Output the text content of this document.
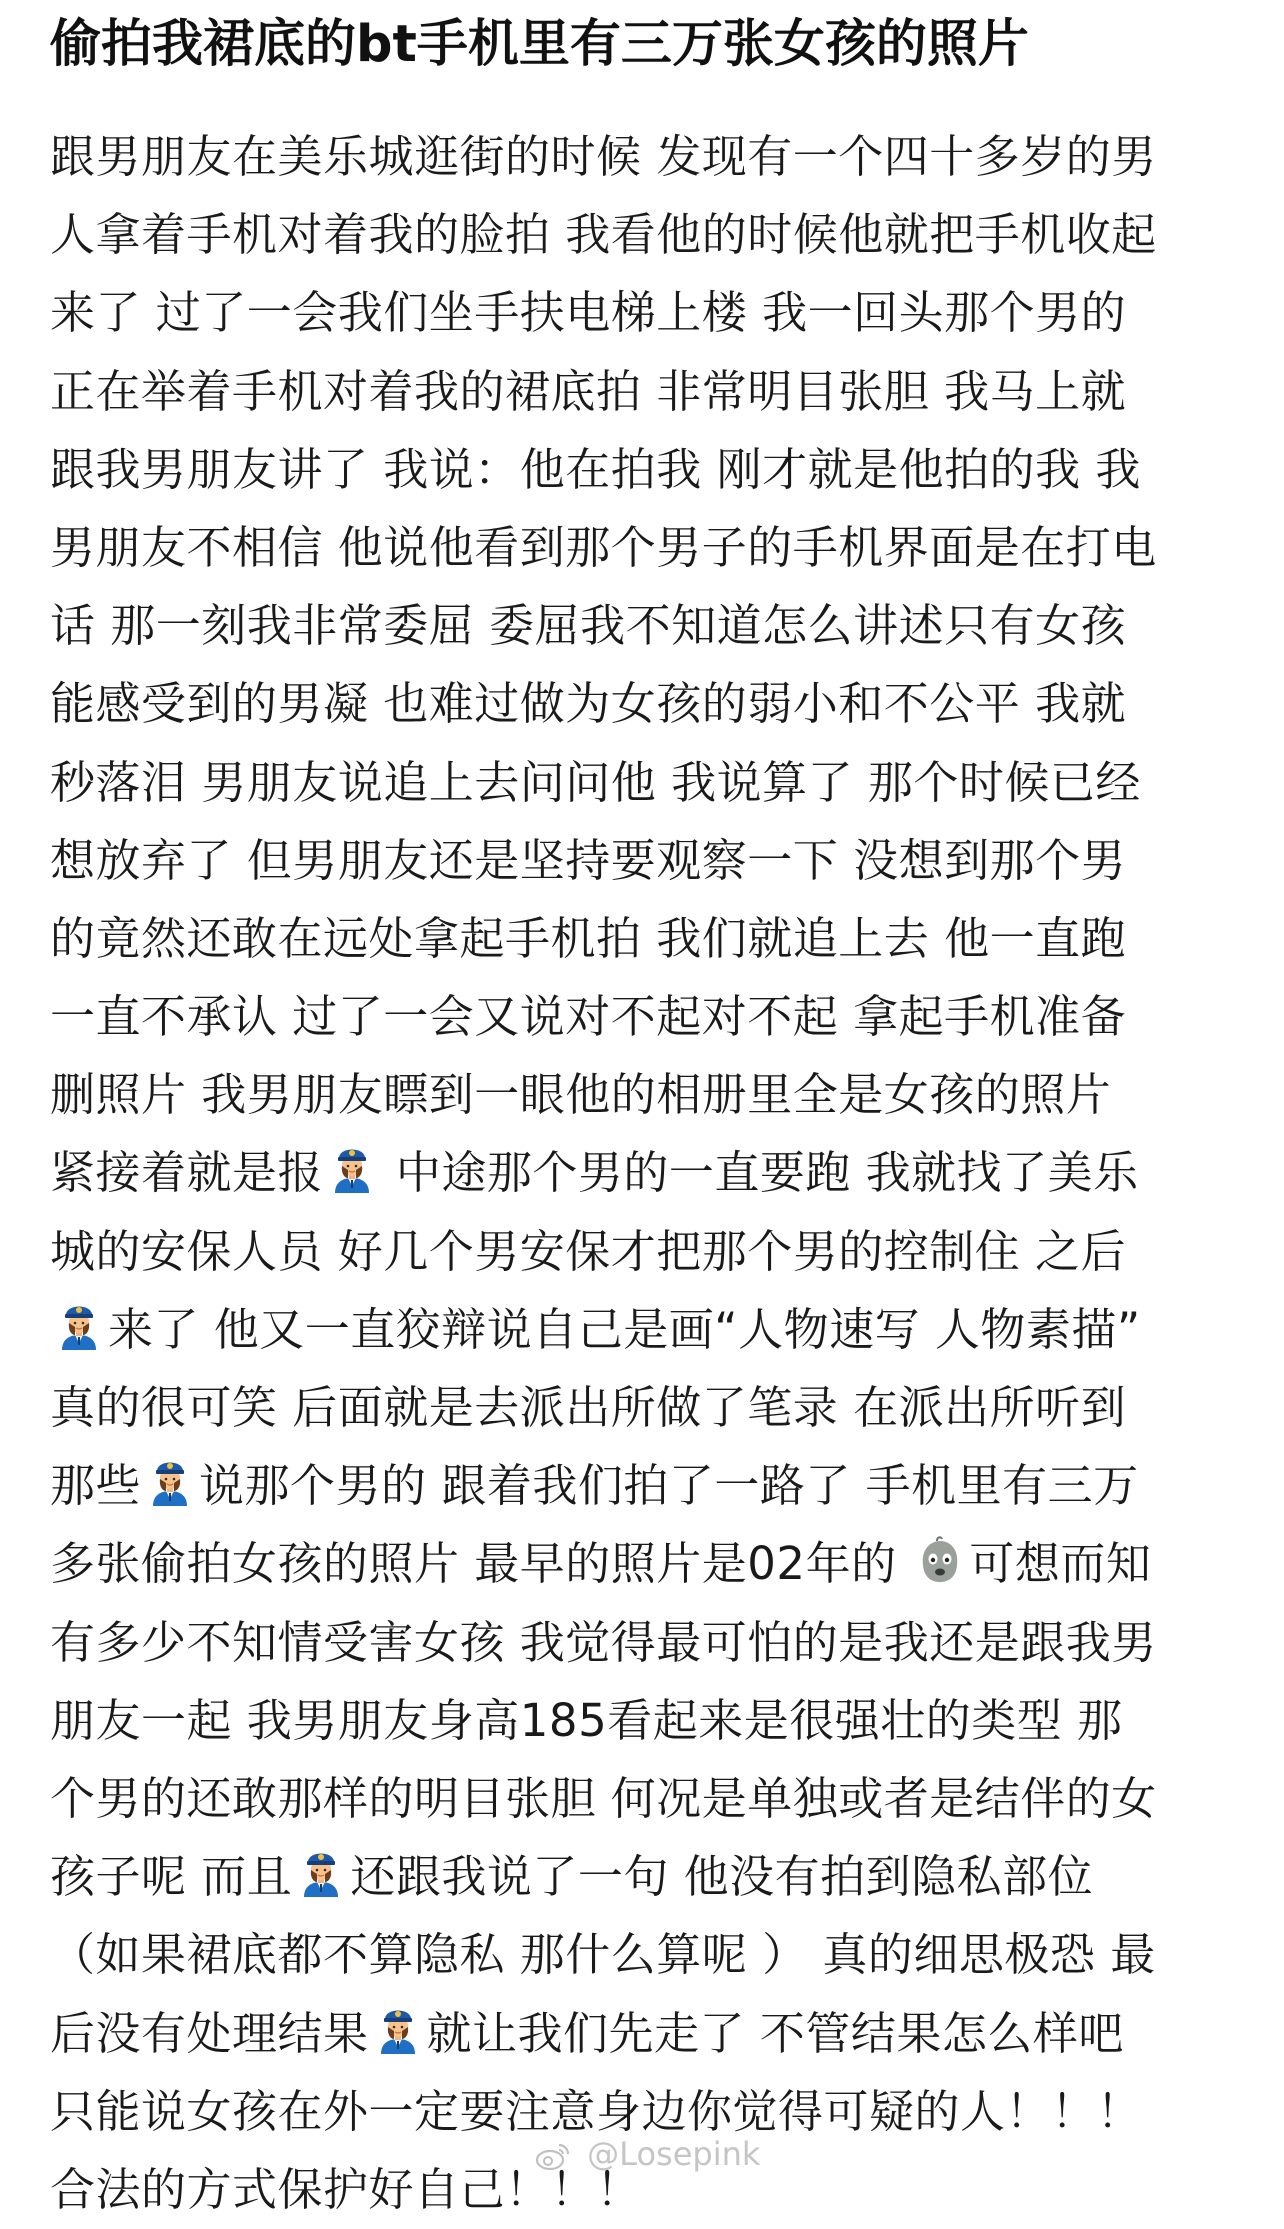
偷拍我裙底的bt手机里有三万张女孩的照片
跟男朋友在美乐城逛街的时候 发现有一个四十多岁的男
人拿着手机对着我的脸拍 我看他的时候他就把手机收起
来了 过了一会我们坐手扶电梯上楼 我一回头那个男的
正在举着手机对着我的裙底拍 非常明目张胆 我马上就
跟我男朋友讲了 我说：他在拍我 刚才就是他拍的我 我
男朋友不相信 他说他看到那个男子的手机界面是在打电
话 那一刻我非常委屈 委屈我不知道怎么讲述只有女孩
能感受到的男凝 也难过做为女孩的弱小和不公平 我就
秒落泪 男朋友说追上去问问他 我说算了 那个时候已经
想放弃了 但男朋友还是坚持要观察一下 没想到那个男
的竟然还敢在远处拿起手机拍 我们就追上去 他一直跑
一直不承认 过了一会又说对不起对不起 拿起手机准备
删照片 我男朋友瞟到一眼他的相册里全是女孩的照片
紧接着就是报 中途那个男的一直要跑 我就找了美乐
城的安保人员 好几个男安保才把那个男的控制住 之后
来了 他又一直狡辩说自己是画“人物速写 人物素描”
真的很可笑 后面就是去派出所做了笔录 在派出所听到
那些 说那个男的 跟着我们拍了一路了 手机里有三万
多张偷拍女孩的照片 最早的照片是02年的 可想而知
有多少不知情受害女孩 我觉得最可怕的是我还是跟我男
朋友一起 我男朋友身高185看起来是很强壮的类型 那
个男的还敢那样的明目张胆 何况是单独或者是结伴的女
孩子呢 而且 还跟我说了一句 他没有拍到隐私部位
（如果裙底都不算隐私 那什么算呢 ） 真的细思极恐 最
后没有处理结果 就让我们先走了 不管结果怎么样吧
只能说女孩在外一定要注意身边你觉得可疑的人！！！
合法的方式保护好自己！！！
@Losepink
